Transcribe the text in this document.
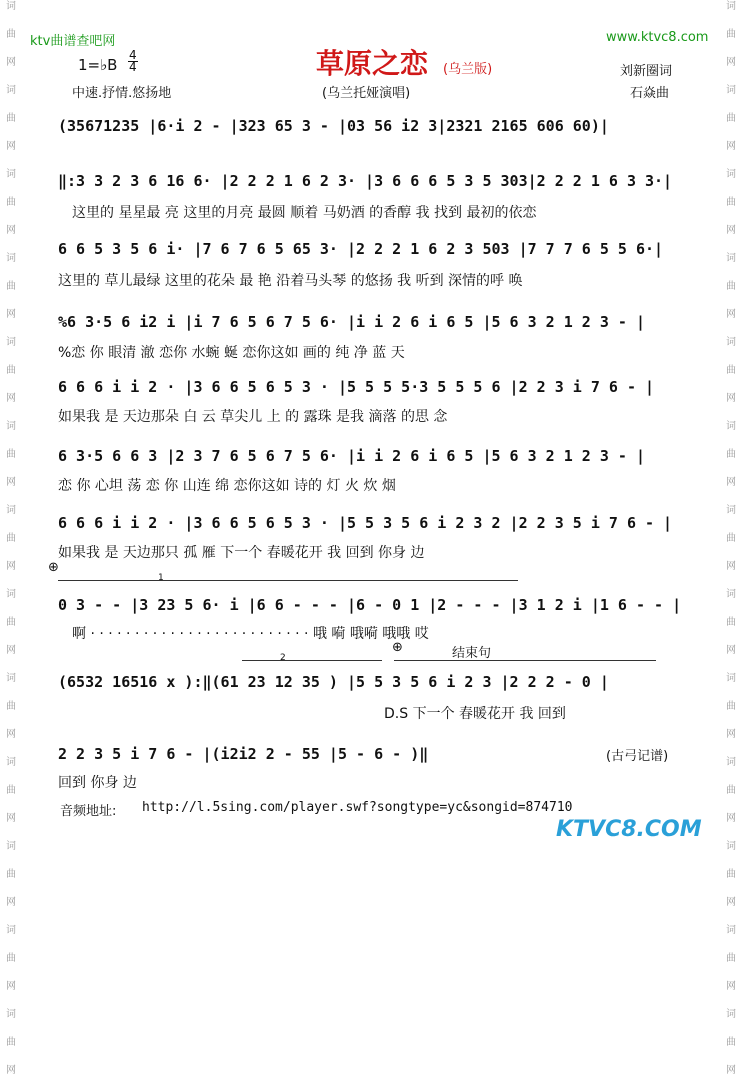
词
曲
网
词
曲
网
词
曲
网
词
曲
网
词
曲
网
词
曲
网
词
曲
网
词
曲
网
词
曲
网
词
曲
网
词
曲
网
词
曲
网
词
曲
网
词
曲
网
词
曲
网
词
曲
网
词
曲
网
词
曲
网
词
曲
网
词
曲
网
词
曲
网
词
曲
网
词
曲
网
词
曲
网
词
曲
网
词
曲
网
ktv曲谱查吧网	www.ktvc8.com
1=♭B
4
4	草原之恋 (乌兰版)	刘新圈词
中速.抒情.悠扬地	(乌兰托娅演唱)	石焱曲
(35671235 |6·i 2 - |323 65 3 - |03 56 i2 3|2321 2165 606 60)|
‖:3 3 2 3 6 16 6· |2 2 2 1 6 2 3· |3 6 6 6 5 3 5 303|2 2 2 1 6 3 3·|
这里的 星星最 亮 这里的月亮 最圆 顺着 马奶酒 的香醇 我 找到 最初的依恋
6 6 5 3 5 6 i· |7 6 7 6 5 65 3· |2 2 2 1 6 2 3 503 |7 7 7 6 5 5 6·|
这里的 草儿最绿 这里的花朵 最 艳 沿着马头琴 的悠扬 我 听到 深情的呼 唤
%6 3·5 6 i2 i |i 7 6 5 6 7 5 6· |i i 2 6 i 6 5 |5 6 3 2 1 2 3 - |
%恋 你 眼清 澈 恋你 水蜿 蜒 恋你这如 画的 纯 净 蓝 天
6 6 6 i i 2 · |3 6 6 5 6 5 3 · |5 5 5 5·3 5 5 5 6 |2 2 3 i 7 6 - |
如果我 是 天边那朵 白 云 草尖儿 上 的 露珠 是我 滴落 的思 念
6 3·5 6 6 3 |2 3 7 6 5 6 7 5 6· |i i 2 6 i 6 5 |5 6 3 2 1 2 3 - |
恋 你 心坦 荡 恋 你 山连 绵 恋你这如 诗的 灯 火 炊 烟
6 6 6 i i 2 · |3 6 6 5 6 5 3 · |5 5 3 5 6 i 2 3 2 |2 2 3 5 i 7 6 - |
如果我 是 天边那只 孤 雁 下一个 春暖花开 我 回到 你身 边
⊕
1
0 3 - - |3 23 5 6· i |6 6 - - - |6 - 0 1 |2 - - - |3 1 2 i |1 6 - - |
啊 · · · · · · · · · · · · · · · · · · · · · · · · · 哦 嗬 哦嗬 哦哦 哎
⊕	结束句
2
(6532 16516 x ):‖(61 23 12 35 ) |5 5 3 5 6 i 2 3 |2 2 2 - 0 |
D.S 下一个 春暖花开 我 回到
2 2 3 5 i 7 6 - |(i2i2 2 - 55 |5 - 6 - )‖
回到 你身 边
(古弓记谱)
音频地址: http://l.5sing.com/player.swf?songtype=yc&songid=874710
KTVC8.COM
